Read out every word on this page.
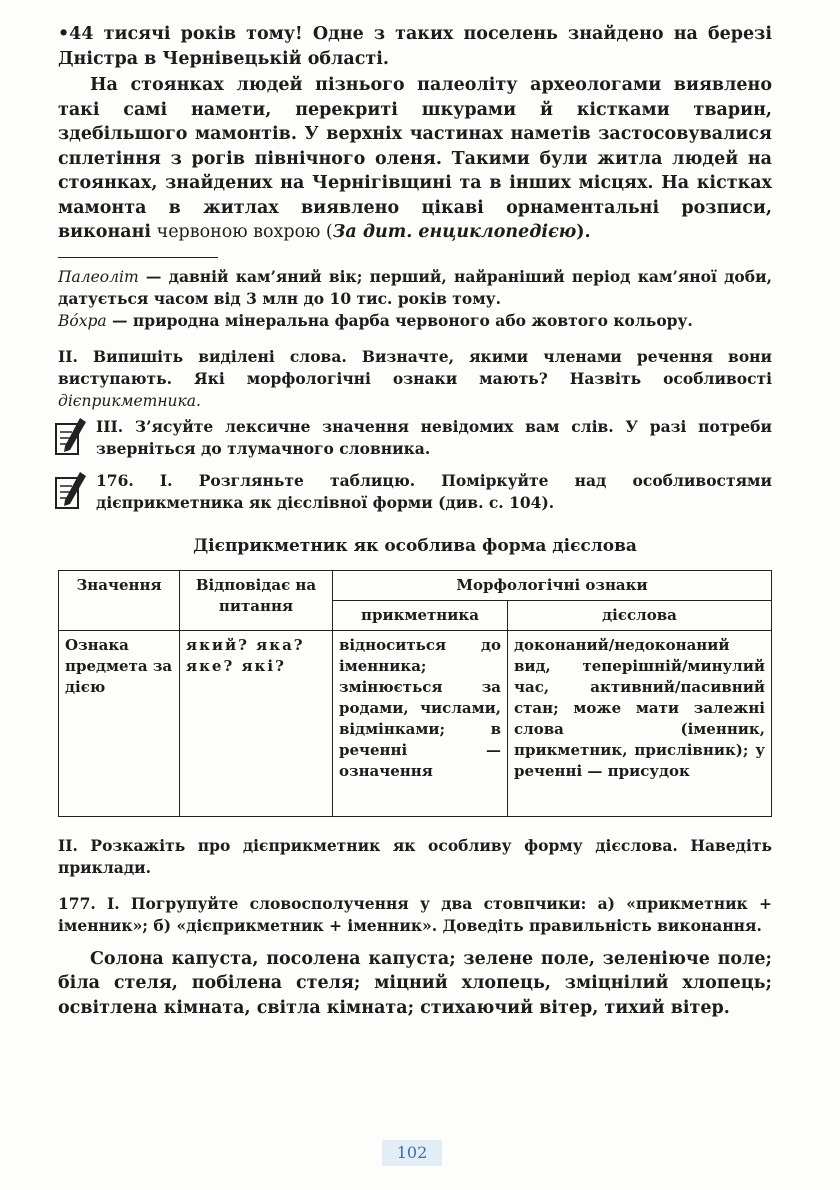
•44 тисячі років тому! Одне з таких поселень знайдено на березі Дністра в Чернівецькій області.

На стоянках людей пізнього палеоліту археологами виявлено такі самі намети, перекриті шкурами й кістками тварин, здебільшого мамонтів. У верхніх частинах наметів застосовувалися сплетіння з рогів північного оленя. Такими були житла людей на стоянках, знайдених на Чернігівщині та в інших місцях. На кістках мамонта в житлах виявлено цікаві орнаментальні розписи, виконані червоною вохрою (За дит. енциклопедією).

Палеоліт — давній кам’яний вік; перший, найраніший період кам’яної доби, датується часом від 3 млн до 10 тис. років тому.

Во́хра — природна мінеральна фарба червоного або жовтого кольору.

ІІ. Випишіть виділені слова. Визначте, якими членами речення вони виступають. Які морфологічні ознаки мають? Назвіть особливості дієприкметника.

ІІІ. З’ясуйте лексичне значення невідомих вам слів. У разі потреби зверніться до тлумачного словника.

176. І. Розгляньте таблицю. Поміркуйте над особливостями дієприкметника як дієслівної форми (див. с. 104).

Дієприкметник як особлива форма дієслова
Значення	Відповідає на питання	Морфологічні ознаки	
		прикметника	дієслова
Ознака предмета за дією	який? яка? яке? які?	відноситься до іменника; змінюється за родами, числами, відмінками; в реченні — означення	доконаний/недоконаний вид, теперішній/минулий час, активний/пасивний стан; може мати залежні слова (іменник, прикметник, прислівник); у реченні — присудок

ІІ. Розкажіть про дієприкметник як особливу форму дієслова. Наведіть приклади.

177. І. Погрупуйте словосполучення у два стовпчики: а) «прикметник + іменник»; б) «дієприкметник + іменник». Доведіть правильність виконання.

Солона капуста, посолена капуста; зелене поле, зеленіюче поле; біла стеля, побілена стеля; міцний хлопець, зміцнілий хлопець; освітлена кімната, світла кімната; стихаючий вітер, тихий вітер.

102
